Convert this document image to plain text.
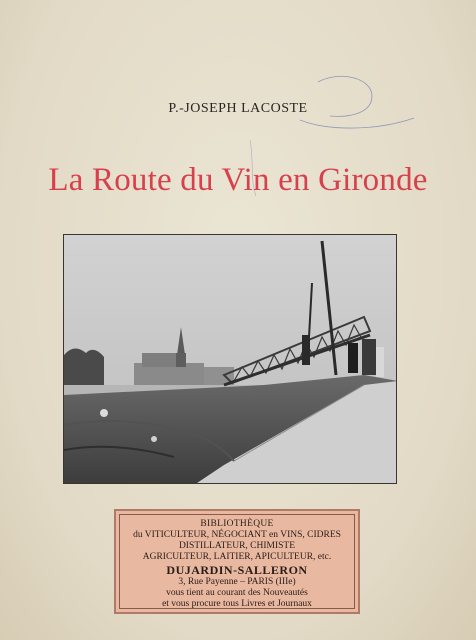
P.-JOSEPH LACOSTE
La Route du Vin en Gironde
BIBLIOTHÈQUE
du VITICULTEUR, NÉGOCIANT en VINS, CIDRES
DISTILLATEUR, CHIMISTE
AGRICULTEUR, LAITIER, APICULTEUR, etc.
DUJARDIN-SALLERON
3, Rue Payenne – PARIS (IIIe)
vous tient au courant des Nouveautés
et vous procure tous Livres et Journaux
